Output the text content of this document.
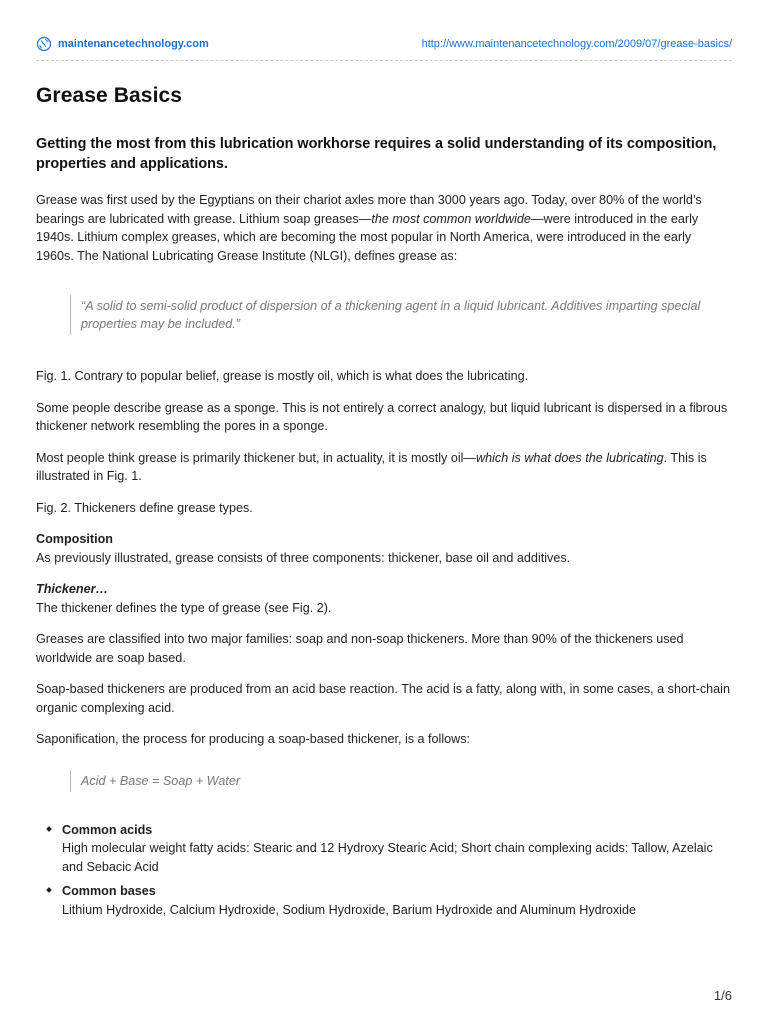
maintenancetechnology.com	http://www.maintenancetechnology.com/2009/07/grease-basics/
Grease Basics

Getting the most from this lubrication workhorse requires a solid understanding of its composition, properties and applications.

Grease was first used by the Egyptians on their chariot axles more than 3000 years ago. Today, over 80% of the world’s bearings are lubricated with grease. Lithium soap greases—the most common worldwide—were introduced in the early 1940s. Lithium complex greases, which are becoming the most popular in North America, were introduced in the early 1960s. The National Lubricating Grease Institute (NLGI), defines grease as:

“A solid to semi-solid product of dispersion of a thickening agent in a liquid lubricant. Additives imparting special properties may be included.”

Fig. 1. Contrary to popular belief, grease is mostly oil, which is what does the lubricating.

Some people describe grease as a sponge. This is not entirely a correct analogy, but liquid lubricant is dispersed in a fibrous thickener network resembling the pores in a sponge.

Most people think grease is primarily thickener but, in actuality, it is mostly oil—which is what does the lubricating. This is illustrated in Fig. 1.

Fig. 2. Thickeners define grease types.

Composition
As previously illustrated, grease consists of three components: thickener, base oil and additives.

Thickener…
The thickener defines the type of grease (see Fig. 2).

Greases are classified into two major families: soap and non-soap thickeners. More than 90% of the thickeners used worldwide are soap based.

Soap-based thickeners are produced from an acid base reaction. The acid is a fatty, along with, in some cases, a short-chain organic complexing acid.

Saponification, the process for producing a soap-based thickener, is a follows:

Acid + Base = Soap + Water
Common acids
High molecular weight fatty acids: Stearic and 12 Hydroxy Stearic Acid; Short chain complexing acids: Tallow, Azelaic and Sebacic Acid
Common bases
Lithium Hydroxide, Calcium Hydroxide, Sodium Hydroxide, Barium Hydroxide and Aluminum Hydroxide
1/6
